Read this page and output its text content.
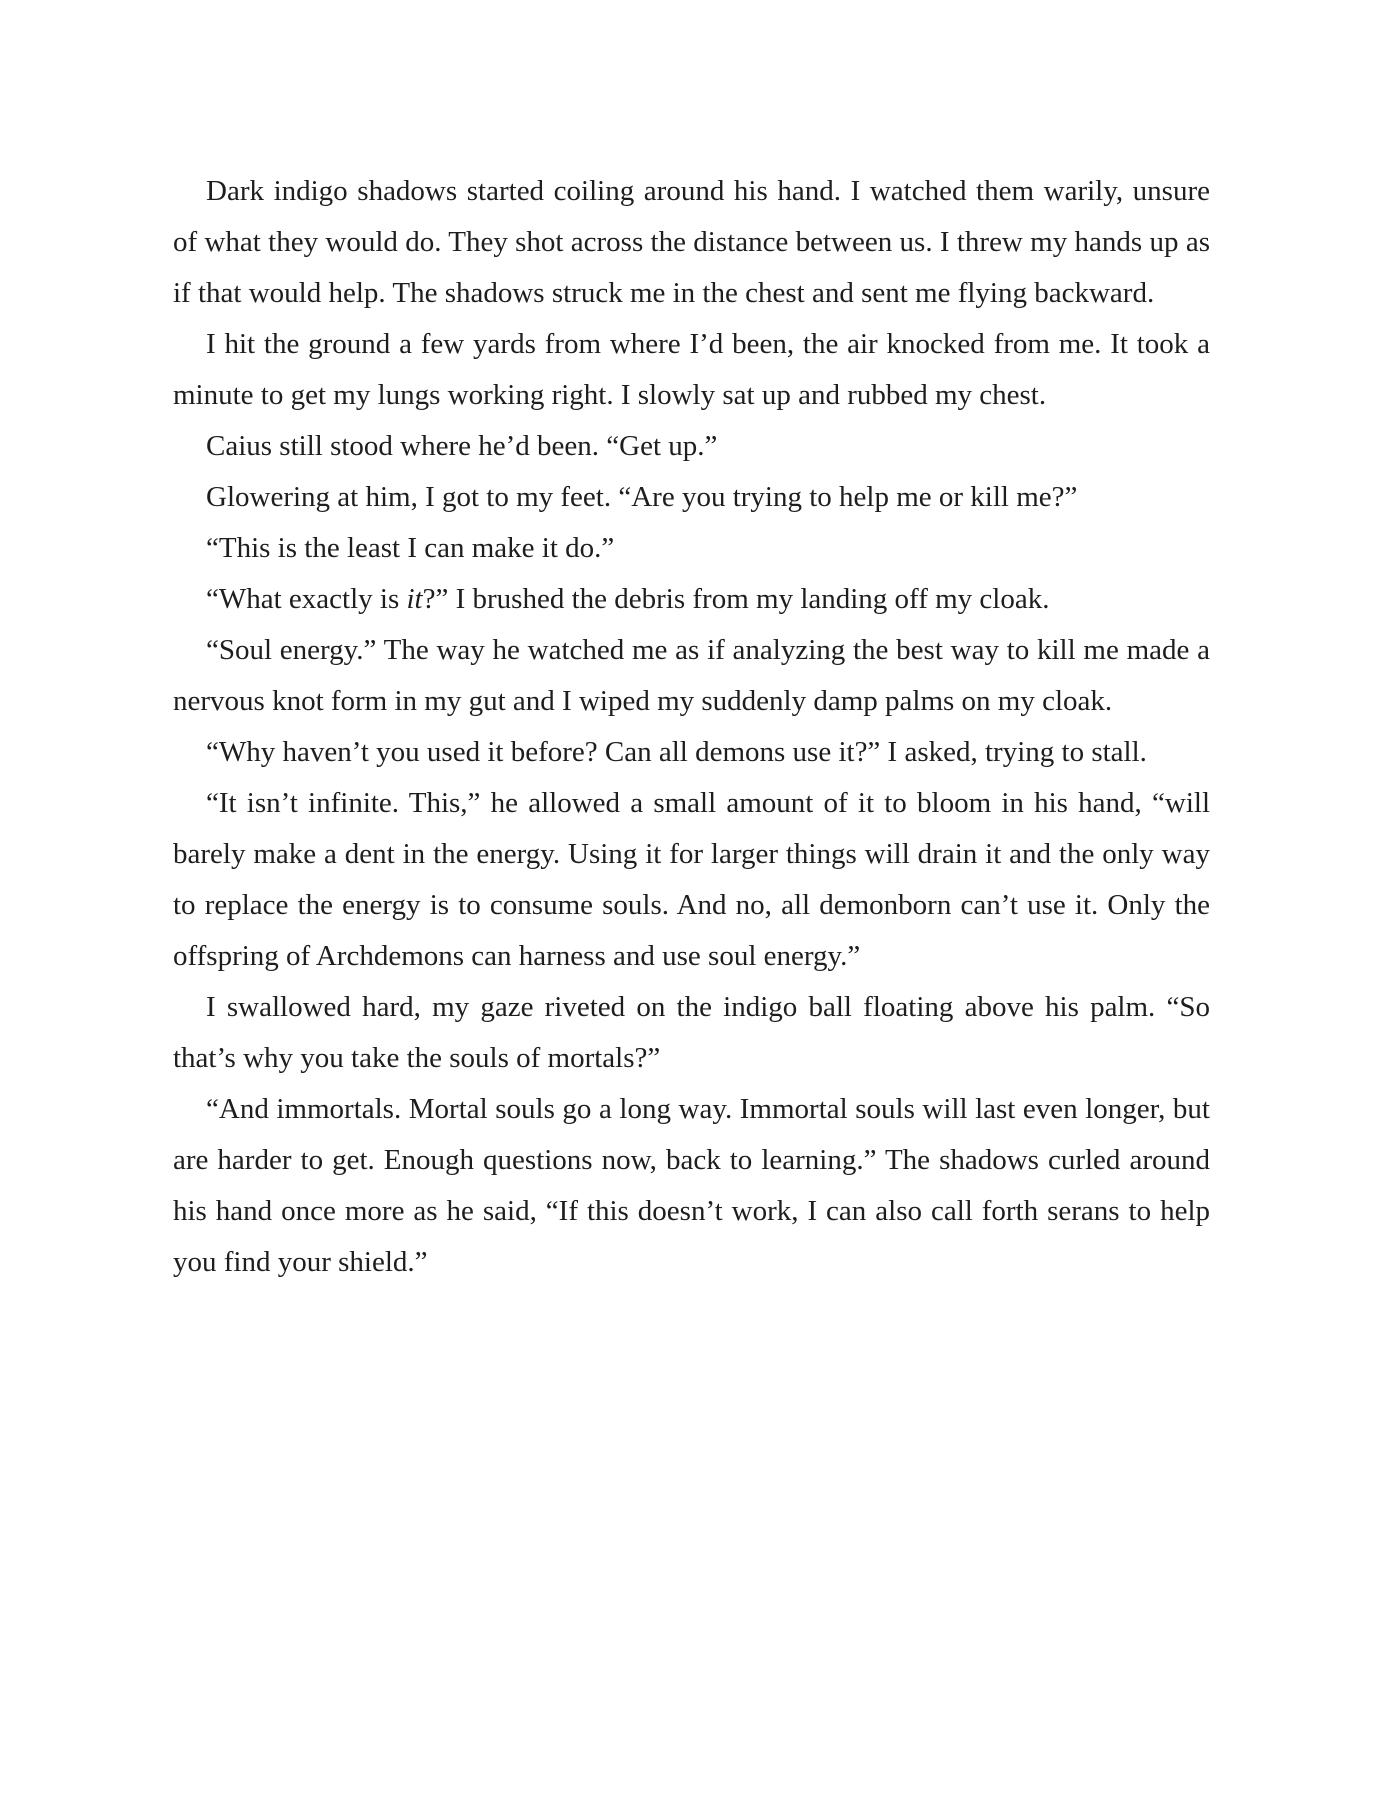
Dark indigo shadows started coiling around his hand. I watched them warily, unsure of what they would do. They shot across the distance between us. I threw my hands up as if that would help. The shadows struck me in the chest and sent me flying backward.

I hit the ground a few yards from where I’d been, the air knocked from me. It took a minute to get my lungs working right. I slowly sat up and rubbed my chest.

Caius still stood where he’d been. “Get up.”

Glowering at him, I got to my feet. “Are you trying to help me or kill me?”

“This is the least I can make it do.”

“What exactly is it?” I brushed the debris from my landing off my cloak.

“Soul energy.” The way he watched me as if analyzing the best way to kill me made a nervous knot form in my gut and I wiped my suddenly damp palms on my cloak.

“Why haven’t you used it before? Can all demons use it?” I asked, trying to stall.

“It isn’t infinite. This,” he allowed a small amount of it to bloom in his hand, “will barely make a dent in the energy. Using it for larger things will drain it and the only way to replace the energy is to consume souls. And no, all demonborn can’t use it. Only the offspring of Archdemons can harness and use soul energy.”

I swallowed hard, my gaze riveted on the indigo ball floating above his palm. “So that’s why you take the souls of mortals?”

“And immortals. Mortal souls go a long way. Immortal souls will last even longer, but are harder to get. Enough questions now, back to learning.” The shadows curled around his hand once more as he said, “If this doesn’t work, I can also call forth serans to help you find your shield.”
